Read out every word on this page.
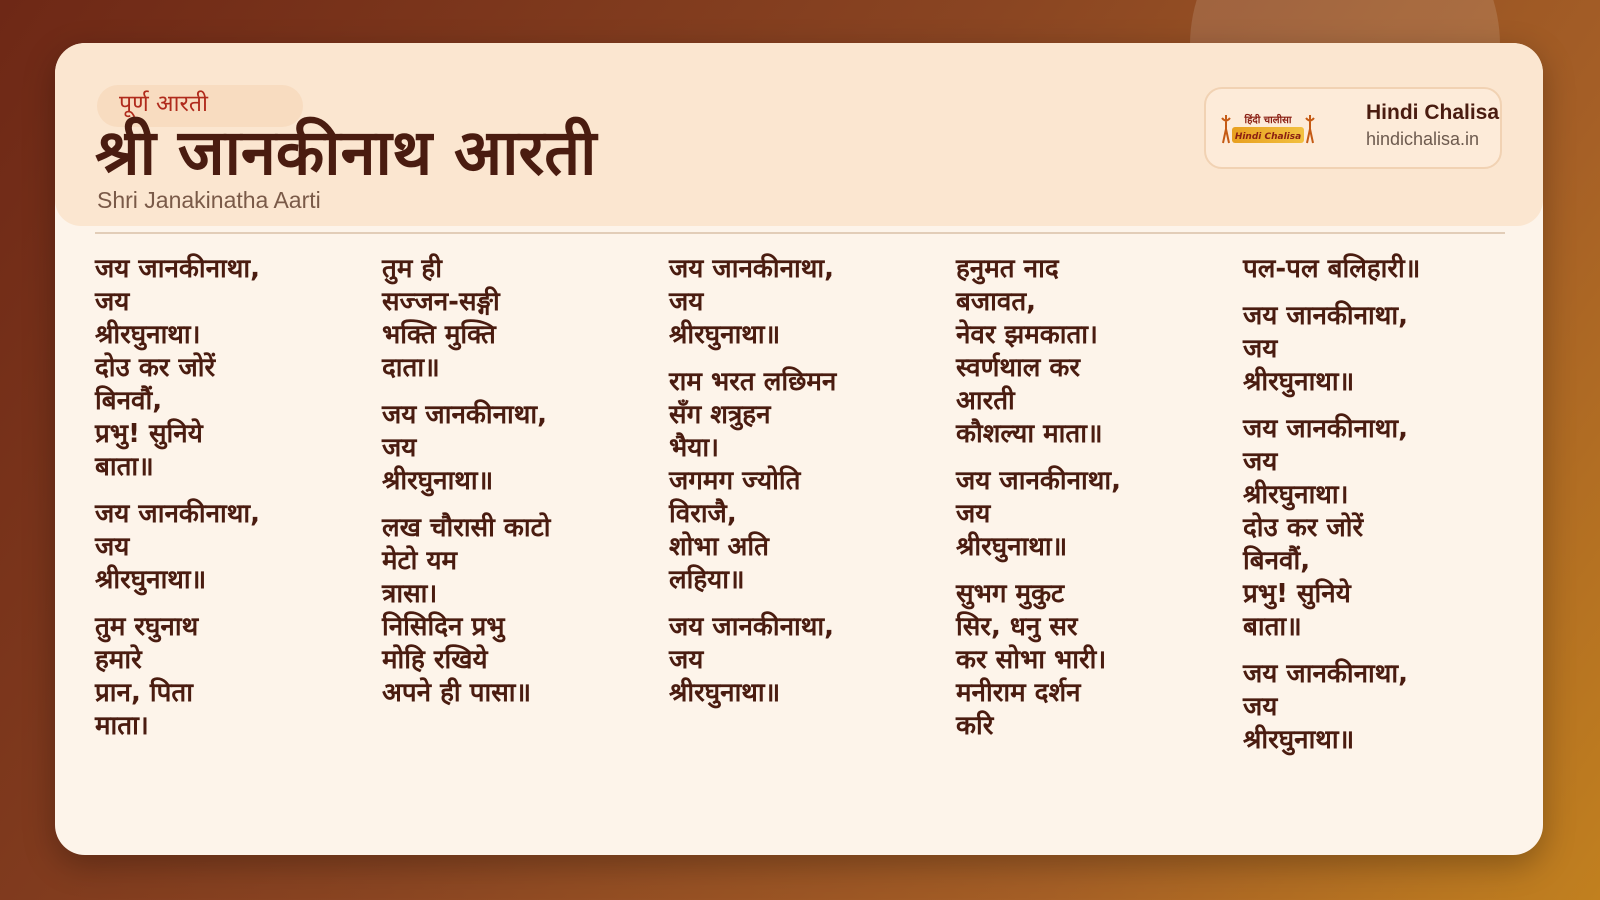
पूर्ण आरती
श्री जानकीनाथ आरती
Shri Janakinatha Aarti
हिंदी चालीसा
Hindi Chalisa
Hindi Chalisa
hindichalisa.in
जय जानकीनाथा,
जय
श्रीरघुनाथा।
दोउ कर जोरें
बिनवौं,
प्रभु! सुनिये
बाता॥
जय जानकीनाथा,
जय
श्रीरघुनाथा॥
तुम रघुनाथ
हमारे
प्रान, पिता
माता।
तुम ही
सज्जन-सङ्गी
भक्ति मुक्ति
दाता॥
जय जानकीनाथा,
जय
श्रीरघुनाथा॥
लख चौरासी काटो
मेटो यम
त्रासा।
निसिदिन प्रभु
मोहि रखिये
अपने ही पासा॥
जय जानकीनाथा,
जय
श्रीरघुनाथा॥
राम भरत लछिमन
सँग शत्रुहन
भैया।
जगमग ज्योति
विराजै,
शोभा अति
लहिया॥
जय जानकीनाथा,
जय
श्रीरघुनाथा॥
हनुमत नाद
बजावत,
नेवर झमकाता।
स्वर्णथाल कर
आरती
कौशल्या माता॥
जय जानकीनाथा,
जय
श्रीरघुनाथा॥
सुभग मुकुट
सिर, धनु सर
कर सोभा भारी।
मनीराम दर्शन
करि
पल-पल बलिहारी॥
जय जानकीनाथा,
जय
श्रीरघुनाथा॥
जय जानकीनाथा,
जय
श्रीरघुनाथा।
दोउ कर जोरें
बिनवौं,
प्रभु! सुनिये
बाता॥
जय जानकीनाथा,
जय
श्रीरघुनाथा॥
